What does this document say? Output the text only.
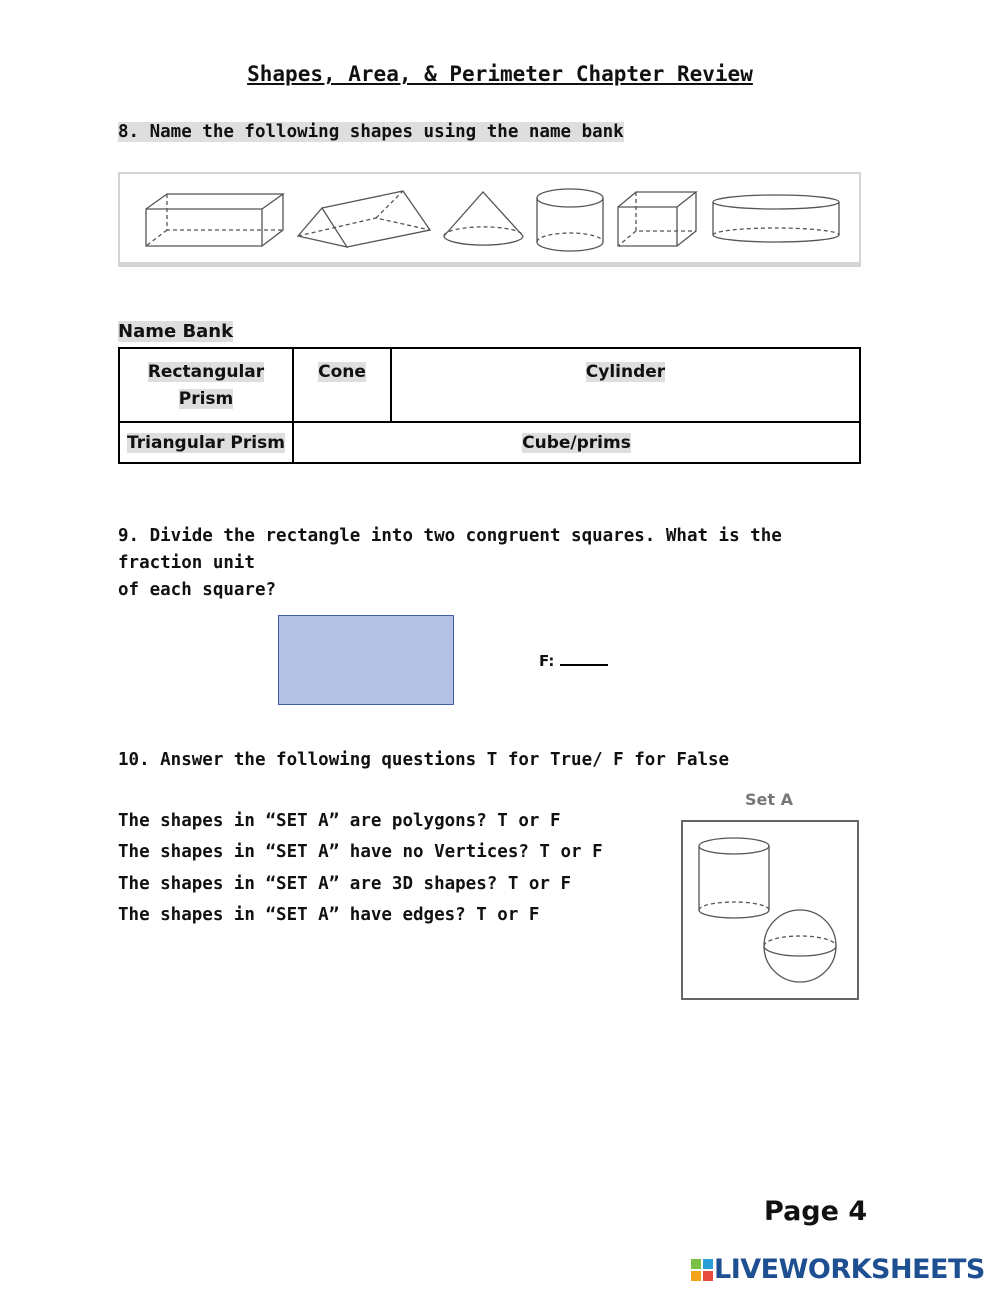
Shapes, Area, & Perimeter Chapter Review
8. Name the following shapes using the name bank
Name Bank
Rectangular Prism	Cone	Cylinder
Triangular Prism	Cube/prims	
9. Divide the rectangle into two congruent squares. What is the fraction unit
of each square?
F:
10. Answer the following questions T for True/ F for False
The shapes in “SET A” are polygons? T or F
The shapes in “SET A” have no Vertices? T or F
The shapes in “SET A” are 3D shapes? T or F
The shapes in “SET A” have edges? T or F
Set A
Page 4
LIVEWORKSHEETS
